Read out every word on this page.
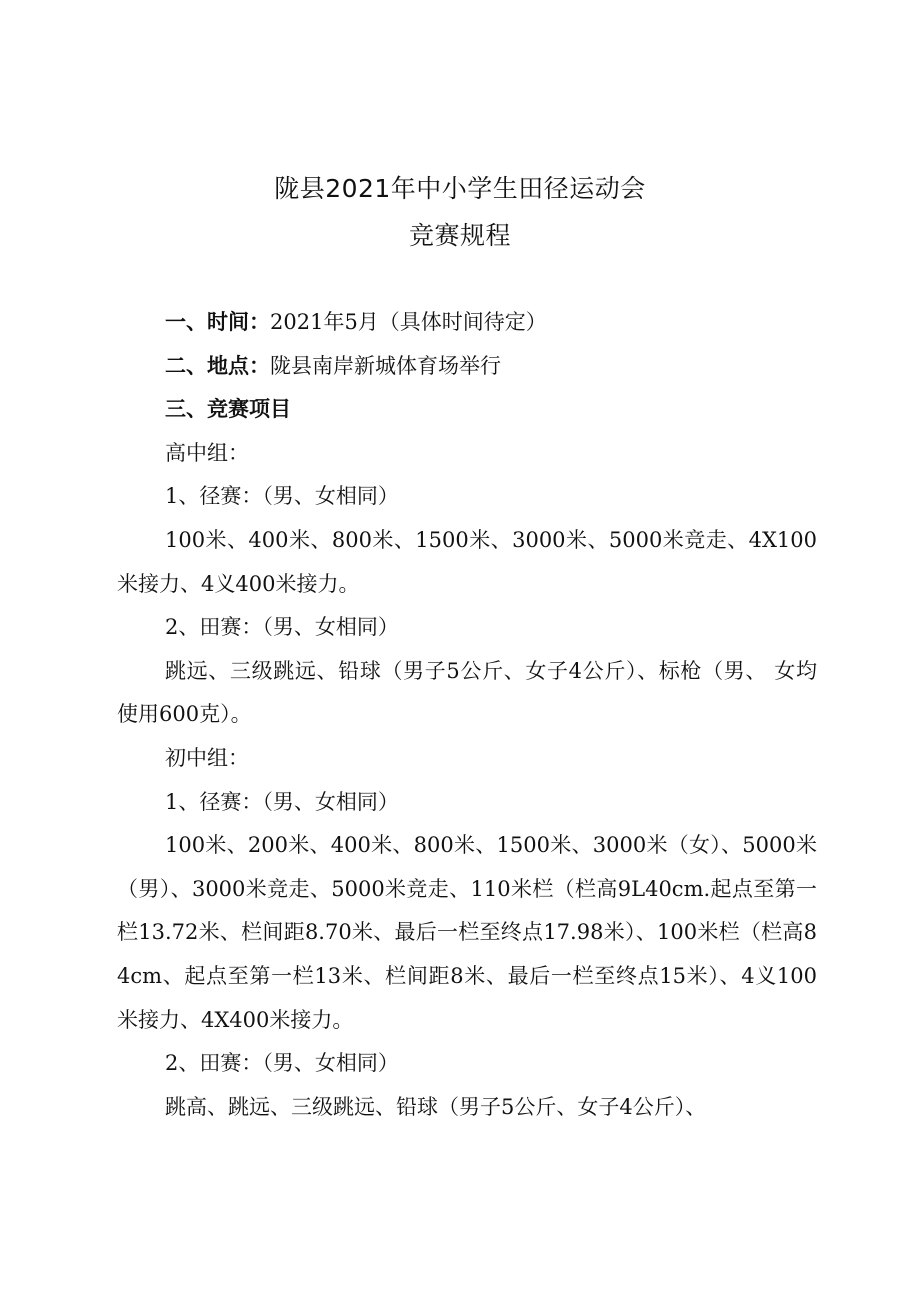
陇县2021年中小学生田径运动会
竞赛规程

一、时间：2021年5月（具体时间待定）

二、地点：陇县南岸新城体育场举行

三、竞赛项目

高中组：

1、径赛：（男、女相同）

100米、400米、800米、1500米、3000米、5000米竞走、4X100米接力、4义400米接力。

2、田赛：（男、女相同）

跳远、三级跳远、铅球（男子5公斤、女子4公斤）、标枪（男、 女均使用600克）。

初中组：

1、径赛：（男、女相同）

100米、200米、400米、800米、1500米、3000米（女）、5000米（男）、3000米竞走、5000米竞走、110米栏（栏高9L40cm.起点至第一栏13.72米、栏间距8.70米、最后一栏至终点17.98米）、100米栏（栏高84cm、起点至第一栏13米、栏间距8米、最后一栏至终点15米）、4义100米接力、4X400米接力。

2、田赛：（男、女相同）

跳高、跳远、三级跳远、铅球（男子5公斤、女子4公斤）、
